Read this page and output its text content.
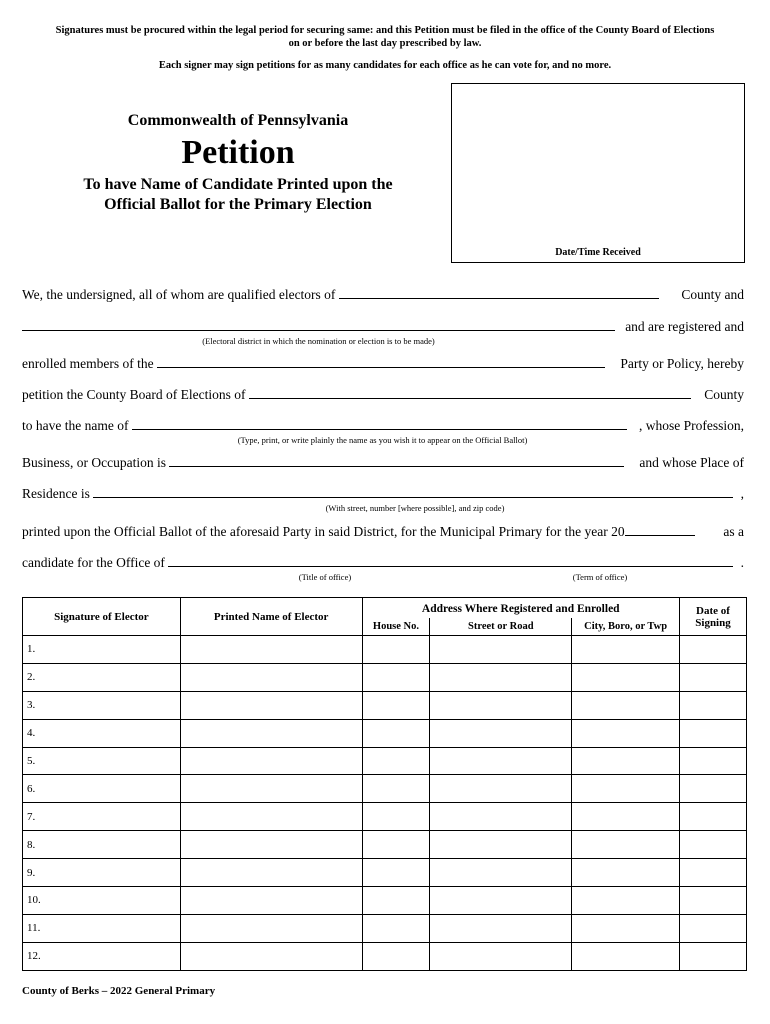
Signatures must be procured within the legal period for securing same: and this Petition must be filed in the office of the County Board of Elections
on or before the last day prescribed by law.
Each signer may sign petitions for as many candidates for each office as he can vote for, and no more.
Date/Time Received
Commonwealth of Pennsylvania
Petition
To have Name of Candidate Printed upon the
Official Ballot for the Primary Election
We, the undersigned, all of whom are qualified electors of	County and
and are registered and
(Electoral district in which the nomination or election is to be made)
enrolled members of the	Party or Policy, hereby
petition the County Board of Elections of	County
to have the name of	, whose Profession,
(Type, print, or write plainly the name as you wish it to appear on the Official Ballot)
Business, or Occupation is	and whose Place of
Residence is	,
(With street, number [where possible], and zip code)
printed upon the Official Ballot of the aforesaid Party in said District, for the Municipal Primary for the year 20	as a
candidate for the Office of	.
(Title of office)	(Term of office)
Signature of Elector	Printed Name of Elector	Address Where Registered and Enrolled			Date of
Signing

		House No.	Street or Road	City, Boro, or Twp	
1.					
2.					
3.					
4.					
5.					
6.					
7.					
8.					
9.					
10.					
11.					
12.					
County of Berks – 2022 General Primary
